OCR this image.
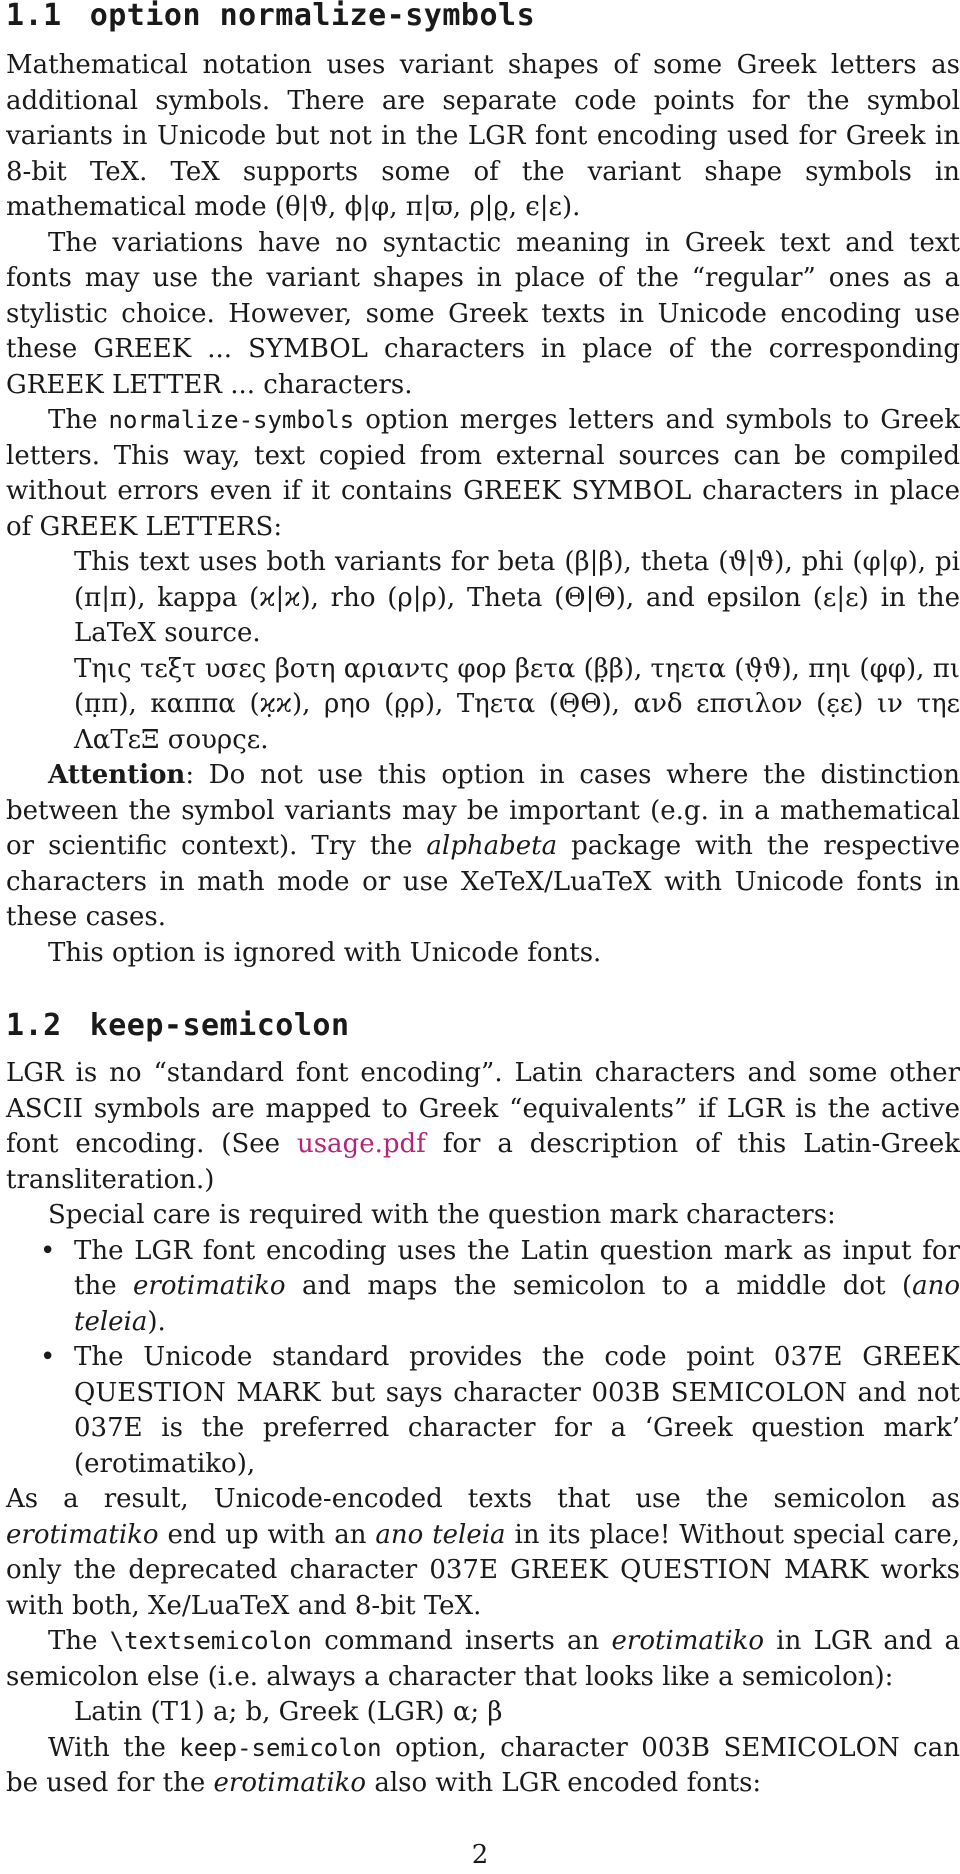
1.1 option normalize-symbols

Mathematical notation uses variant shapes of some Greek letters as additional symbols. There are separate code points for the symbol variants in Unicode but not in the LGR font encoding used for Greek in 8-bit TeX. TeX supports some of the variant shape symbols in mathematical mode (θ|ϑ, ϕ|φ, π|ϖ, ρ|ϱ, ϵ|ε).

The variations have no syntactic meaning in Greek text and text fonts may use the variant shapes in place of the “regular” ones as a stylistic choice. However, some Greek texts in Unicode encoding use these GREEK ... SYMBOL characters in place of the corresponding GREEK LETTER ... characters.

The normalize-symbols option merges letters and symbols to Greek letters. This way, text copied from external sources can be compiled without errors even if it contains GREEK SYMBOL characters in place of GREEK LETTERS:

This text uses both variants for beta (β|β), theta (ϑ|ϑ), phi (φ|φ), pi (π|π), kappa (ϰ|ϰ), rho (ρ|ρ), Theta (Θ|Θ), and epsilon (ε|ε) in the LaTeX source.

Τηις τεξτ υσες βοτη αριαντς φορ βετα (β̣β), τηετα (ϑ̣ϑ), πηι (φ̣φ), πι (π̣π), καππα (ϰ̣ϰ), ρηο (ρ̣ρ), Τηετα (Θ̣Θ), ανδ επσιλον (ε̣ε) ιν τηε ΛαΤεΞ σουρςε.

Attention: Do not use this option in cases where the distinction between the symbol variants may be important (e.g. in a mathematical or scientific context). Try the alphabeta package with the respective characters in math mode or use XeTeX/LuaTeX with Unicode fonts in these cases.

This option is ignored with Unicode fonts.

1.2 keep-semicolon

LGR is no “standard font encoding”. Latin characters and some other ASCII symbols are mapped to Greek “equivalents” if LGR is the active font encoding. (See usage.pdf for a description of this Latin-Greek transliteration.)

Special care is required with the question mark characters:

• The LGR font encoding uses the Latin question mark as input for the erotimatiko and maps the semicolon to a middle dot (ano teleia).
• The Unicode standard provides the code point 037E GREEK QUESTION MARK but says character 003B SEMICOLON and not 037E is the preferred character for a ‘Greek question mark’ (erotimatiko),

As a result, Unicode-encoded texts that use the semicolon as erotimatiko end up with an ano teleia in its place! Without special care, only the deprecated character 037E GREEK QUESTION MARK works with both, Xe/LuaTeX and 8-bit TeX.

The \textsemicolon command inserts an erotimatiko in LGR and a semicolon else (i.e. always a character that looks like a semicolon):

Latin (T1) a; b, Greek (LGR) α; β

With the keep-semicolon option, character 003B SEMICOLON can be used for the erotimatiko also with LGR encoded fonts:

2
